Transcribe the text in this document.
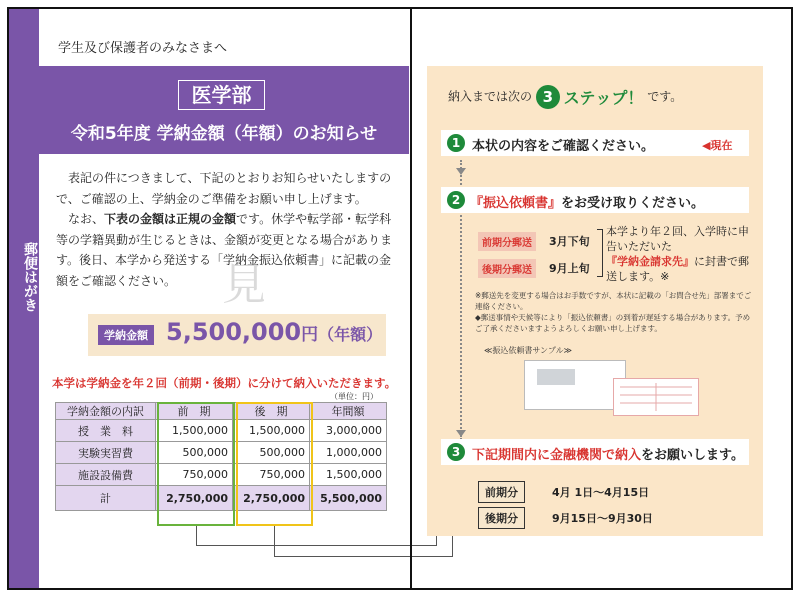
郵便はがき
学生及び保護者のみなさまへ
医学部
令和5年度 学納金額（年額）のお知らせ

表記の件につきまして、下記のとおりお知らせいたしますので、ご確認の上、学納金のご準備をお願い申し上げます。

なお、下表の金額は正規の金額です。休学や転学部・転学科等の学籍異動が生じるときは、金額が変更となる場合があります。後日、本学から発送する「学納金振込依頼書」に記載の金額をご確認ください。	見
学納金額 5,500,000円（年額）
本学は学納金を年２回（前期・後期）に分けて納入いただきます。
（単位：円）
学納金額の内訳	前　期	後　期	年間額
授　業　料	1,500,000	1,500,000	3,000,000
実験実習費	500,000	500,000	1,000,000
施設設備費	750,000	750,000	1,500,000
計	2,750,000	2,750,000	5,500,000
納入までは次の 3 ステップ！ です。
1 本状の内容をご確認ください。	◀現在
2 『振込依頼書』をお受け取りください。
前期分郵送	3月下旬
後期分郵送	9月上旬
本学より年２回、入学時に申告いただいた『学納金請求先』に封書で郵送します。※
※郵送先を変更する場合はお手数ですが、本状に記載の「お問合せ先」部署までご連絡ください。
◆郵送事情や天候等により「振込依頼書」の到着が遅延する場合があります。予めご了承くださいますようよろしくお願い申し上げます。
≪振込依頼書サンプル≫
3 下記期間内に金融機関で納入をお願いします。
前期分	4月 1日～4月15日
後期分	9月15日～9月30日
